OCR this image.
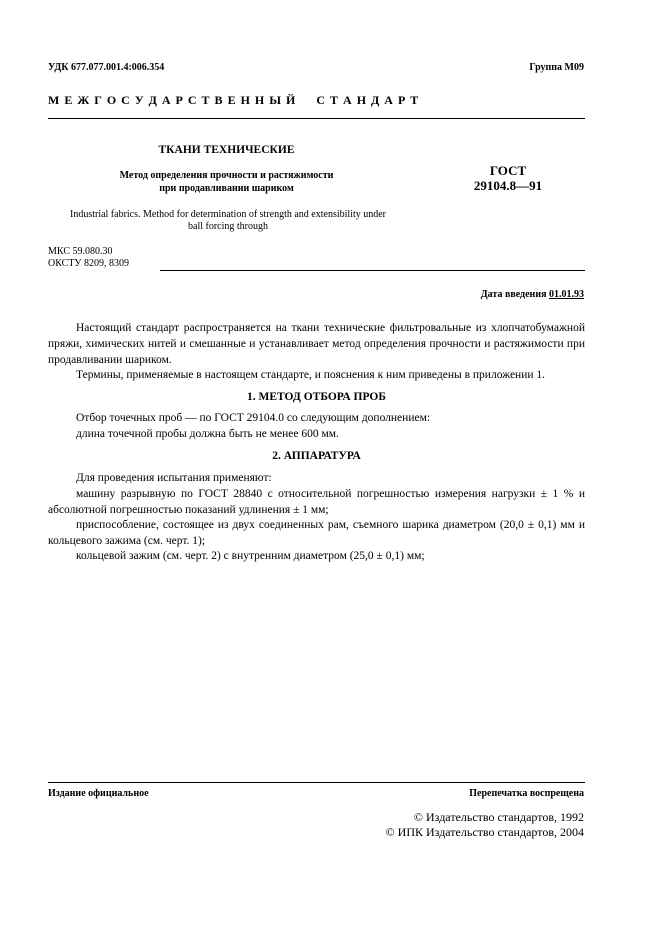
УДК 677.077.001.4:006.354	Группа М09
М Е Ж Г О С У Д А Р С Т В Е Н Н Ы Й     С Т А Н Д А Р Т
ТКАНИ ТЕХНИЧЕСКИЕ
Метод определения прочности и растяжимости
при продавливании шариком
ГОСТ
29104.8—91
Industrial fabrics. Method for determination of strength and extensibility under
ball forcing through
МКС 59.080.30
ОКСТУ 8209, 8309
Дата введения 01.01.93
Настоящий стандарт распространяется на ткани технические фильтровальные из хлопчатобумажной пряжи, химических нитей и смешанные и устанавливает метод определения прочности и растяжимости при продавливании шариком.
Термины, применяемые в настоящем стандарте, и пояснения к ним приведены в приложении 1.
1. МЕТОД ОТБОРА ПРОБ
Отбор точечных проб — по ГОСТ 29104.0 со следующим дополнением:
длина точечной пробы должна быть не менее 600 мм.
2. АППАРАТУРА
Для проведения испытания применяют:
машину разрывную по ГОСТ 28840 с относительной погрешностью измерения нагрузки ± 1 % и абсолютной погрешностью показаний удлинения ± 1 мм;
приспособление, состоящее из двух соединенных рам, съемного шарика диаметром (20,0 ± 0,1) мм и кольцевого зажима (см. черт. 1);
кольцевой зажим (см. черт. 2) с внутренним диаметром (25,0 ± 0,1) мм;
Издание официальное	Перепечатка воспрещена
© Издательство стандартов, 1992
© ИПК Издательство стандартов, 2004
